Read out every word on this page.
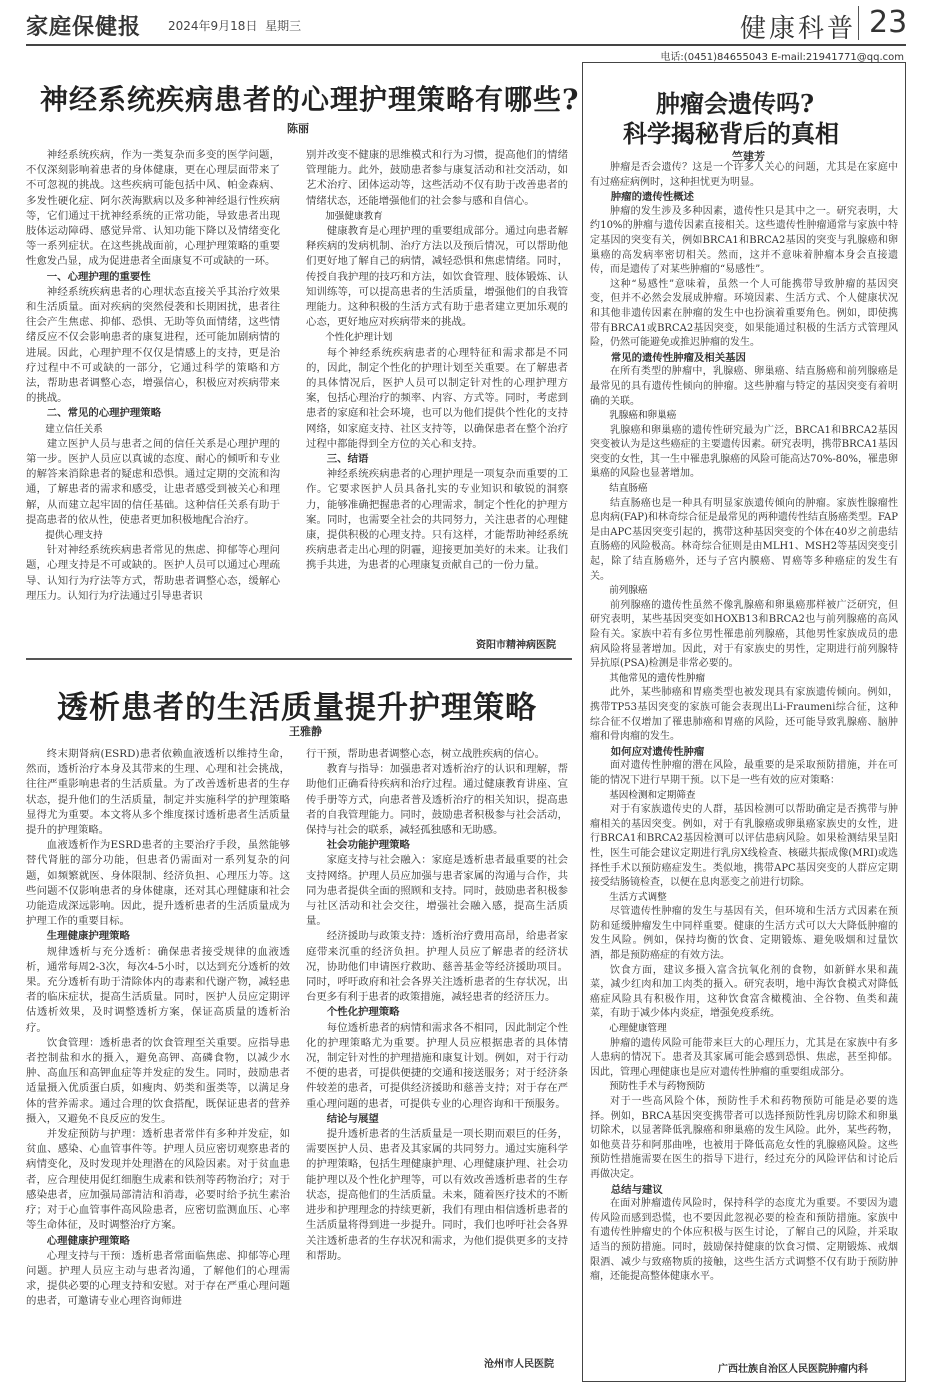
家庭保健报 2024年9月18日 星期三	健康科普 23
电话:(0451)84655043 E-mail:21941771@qq.com
神经系统疾病患者的心理护理策略有哪些?
陈丽

神经系统疾病，作为一类复杂而多变的医学问题，不仅深刻影响着患者的身体健康，更在心理层面带来了不可忽视的挑战。这些疾病可能包括中风、帕金森病、多发性硬化症、阿尔茨海默病以及多种神经退行性疾病等，它们通过干扰神经系统的正常功能，导致患者出现肢体运动障碍、感觉异常、认知功能下降以及情绪变化等一系列症状。在这些挑战面前，心理护理策略的重要性愈发凸显，成为促进患者全面康复不可或缺的一环。

一、心理护理的重要性

神经系统疾病患者的心理状态直接关乎其治疗效果和生活质量。面对疾病的突然侵袭和长期困扰，患者往往会产生焦虑、抑郁、恐惧、无助等负面情绪，这些情绪反应不仅会影响患者的康复进程，还可能加剧病情的进展。因此，心理护理不仅仅是情感上的支持，更是治疗过程中不可或缺的一部分，它通过科学的策略和方法，帮助患者调整心态，增强信心，积极应对疾病带来的挑战。

二、常见的心理护理策略
建立信任关系

建立医护人员与患者之间的信任关系是心理护理的第一步。医护人员应以真诚的态度、耐心的倾听和专业的解答来消除患者的疑虑和恐惧。通过定期的交流和沟通，了解患者的需求和感受，让患者感受到被关心和理解，从而建立起牢固的信任基础。这种信任关系有助于提高患者的依从性，使患者更加积极地配合治疗。

提供心理支持

针对神经系统疾病患者常见的焦虑、抑郁等心理问题，心理支持是不可或缺的。医护人员可以通过心理疏导、认知行为疗法等方式，帮助患者调整心态，缓解心理压力。认知行为疗法通过引导患者识

别并改变不健康的思维模式和行为习惯，提高他们的情绪管理能力。此外，鼓励患者参与康复活动和社交活动，如艺术治疗、团体运动等，这些活动不仅有助于改善患者的情绪状态，还能增强他们的社会参与感和自信心。

加强健康教育

健康教育是心理护理的重要组成部分。通过向患者解释疾病的发病机制、治疗方法以及预后情况，可以帮助他们更好地了解自己的病情，减轻恐惧和焦虑情绪。同时，传授自我护理的技巧和方法，如饮食管理、肢体锻炼、认知训练等，可以提高患者的生活质量，增强他们的自我管理能力。这种积极的生活方式有助于患者建立更加乐观的心态，更好地应对疾病带来的挑战。

个性化护理计划

每个神经系统疾病患者的心理特征和需求都是不同的，因此，制定个性化的护理计划至关重要。在了解患者的具体情况后，医护人员可以制定针对性的心理护理方案，包括心理治疗的频率、内容、方式等。同时，考虑到患者的家庭和社会环境，也可以为他们提供个性化的支持网络，如家庭支持、社区支持等，以确保患者在整个治疗过程中都能得到全方位的关心和支持。

三、结语

神经系统疾病患者的心理护理是一项复杂而重要的工作。它要求医护人员具备扎实的专业知识和敏锐的洞察力，能够准确把握患者的心理需求，制定个性化的护理方案。同时，也需要全社会的共同努力，关注患者的心理健康，提供积极的心理支持。只有这样，才能帮助神经系统疾病患者走出心理的阴霾，迎接更加美好的未来。让我们携手共进，为患者的心理康复贡献自己的一份力量。

资阳市精神病医院
透析患者的生活质量提升护理策略
王雅静

终末期肾病(ESRD)患者依赖血液透析以维持生命，然而，透析治疗本身及其带来的生理、心理和社会挑战，往往严重影响患者的生活质量。为了改善透析患者的生存状态，提升他们的生活质量，制定并实施科学的护理策略显得尤为重要。本文将从多个维度探讨透析患者生活质量提升的护理策略。

血液透析作为ESRD患者的主要治疗手段，虽然能够替代肾脏的部分功能，但患者仍需面对一系列复杂的问题，如频繁就医、身体限制、经济负担、心理压力等。这些问题不仅影响患者的身体健康，还对其心理健康和社会功能造成深远影响。因此，提升透析患者的生活质量成为护理工作的重要目标。

生理健康护理策略

规律透析与充分透析：确保患者接受规律的血液透析，通常每周2-3次，每次4-5小时，以达到充分透析的效果。充分透析有助于清除体内的毒素和代谢产物，减轻患者的临床症状，提高生活质量。同时，医护人员应定期评估透析效果，及时调整透析方案，保证高质量的透析治疗。

饮食管理：透析患者的饮食管理至关重要。应指导患者控制盐和水的摄入，避免高钾、高磷食物，以减少水肿、高血压和高钾血症等并发症的发生。同时，鼓励患者适量摄入优质蛋白质，如瘦肉、奶类和蛋类等，以满足身体的营养需求。通过合理的饮食搭配，既保证患者的营养摄入，又避免不良反应的发生。

并发症预防与护理：透析患者常伴有多种并发症，如贫血、感染、心血管事件等。护理人员应密切观察患者的病情变化，及时发现并处理潜在的风险因素。对于贫血患者，应合理使用促红细胞生成素和铁剂等药物治疗；对于感染患者，应加强局部清洁和消毒，必要时给予抗生素治疗；对于心血管事件高风险患者，应密切监测血压、心率等生命体征，及时调整治疗方案。

心理健康护理策略

心理支持与干预：透析患者常面临焦虑、抑郁等心理问题。护理人员应主动与患者沟通，了解他们的心理需求，提供必要的心理支持和安慰。对于存在严重心理问题的患者，可邀请专业心理咨询师进

行干预，帮助患者调整心态，树立战胜疾病的信心。

教育与指导：加强患者对透析治疗的认识和理解，帮助他们正确看待疾病和治疗过程。通过健康教育讲座、宣传手册等方式，向患者普及透析治疗的相关知识，提高患者的自我管理能力。同时，鼓励患者积极参与社会活动，保持与社会的联系，减轻孤独感和无助感。

社会功能护理策略

家庭支持与社会融入：家庭是透析患者最重要的社会支持网络。护理人员应加强与患者家属的沟通与合作，共同为患者提供全面的照顾和支持。同时，鼓励患者积极参与社区活动和社会交往，增强社会融入感，提高生活质量。

经济援助与政策支持：透析治疗费用高昂，给患者家庭带来沉重的经济负担。护理人员应了解患者的经济状况，协助他们申请医疗救助、慈善基金等经济援助项目。同时，呼吁政府和社会各界关注透析患者的生存状况，出台更多有利于患者的政策措施，减轻患者的经济压力。

个性化护理策略

每位透析患者的病情和需求各不相同，因此制定个性化的护理策略尤为重要。护理人员应根据患者的具体情况，制定针对性的护理措施和康复计划。例如，对于行动不便的患者，可提供便捷的交通和接送服务；对于经济条件较差的患者，可提供经济援助和慈善支持；对于存在严重心理问题的患者，可提供专业的心理咨询和干预服务。

结论与展望

提升透析患者的生活质量是一项长期而艰巨的任务，需要医护人员、患者及其家属的共同努力。通过实施科学的护理策略，包括生理健康护理、心理健康护理、社会功能护理以及个性化护理等，可以有效改善透析患者的生存状态，提高他们的生活质量。未来，随着医疗技术的不断进步和护理理念的持续更新，我们有理由相信透析患者的生活质量将得到进一步提升。同时，我们也呼吁社会各界关注透析患者的生存状况和需求，为他们提供更多的支持和帮助。

沧州市人民医院
肿瘤会遗传吗?
科学揭秘背后的真相
竺建芳

肿瘤是否会遗传？这是一个许多人关心的问题，尤其是在家庭中有过癌症病例时，这种担忧更为明显。

肿瘤的遗传性概述

肿瘤的发生涉及多种因素，遗传性只是其中之一。研究表明，大约10%的肿瘤与遗传因素直接相关。这些遗传性肿瘤通常与家族中特定基因的突变有关，例如BRCA1和BRCA2基因的突变与乳腺癌和卵巢癌的高发病率密切相关。然而，这并不意味着肿瘤本身会直接遗传，而是遗传了对某些肿瘤的“易感性”。

这种“易感性”意味着，虽然一个人可能携带导致肿瘤的基因突变，但并不必然会发展成肿瘤。环境因素、生活方式、个人健康状况和其他非遗传因素在肿瘤的发生中也扮演着重要角色。例如，即使携带有BRCA1或BRCA2基因突变，如果能通过积极的生活方式管理风险，仍然可能避免或推迟肿瘤的发生。

常见的遗传性肿瘤及相关基因

在所有类型的肿瘤中，乳腺癌、卵巢癌、结直肠癌和前列腺癌是最常见的具有遗传性倾向的肿瘤。这些肿瘤与特定的基因突变有着明确的关联。

乳腺癌和卵巢癌

乳腺癌和卵巢癌的遗传性研究最为广泛，BRCA1和BRCA2基因突变被认为是这些癌症的主要遗传因素。研究表明，携带BRCA1基因突变的女性，其一生中罹患乳腺癌的风险可能高达70%-80%，罹患卵巢癌的风险也显著增加。

结直肠癌

结直肠癌也是一种具有明显家族遗传倾向的肿瘤。家族性腺瘤性息肉病(FAP)和林奇综合征是最常见的两种遗传性结直肠癌类型。FAP是由APC基因突变引起的，携带这种基因突变的个体在40岁之前患结直肠癌的风险极高。林奇综合征则是由MLH1、MSH2等基因突变引起，除了结直肠癌外，还与子宫内膜癌、胃癌等多种癌症的发生有关。

前列腺癌

前列腺癌的遗传性虽然不像乳腺癌和卵巢癌那样被广泛研究，但研究表明，某些基因突变如HOXB13和BRCA2也与前列腺癌的高风险有关。家族中若有多位男性罹患前列腺癌，其他男性家族成员的患病风险将显著增加。因此，对于有家族史的男性，定期进行前列腺特异抗原(PSA)检测是非常必要的。

其他常见的遗传性肿瘤

此外，某些肺癌和胃癌类型也被发现具有家族遗传倾向。例如，携带TP53基因突变的家族可能会表现出Li-Fraumeni综合征，这种综合征不仅增加了罹患肺癌和胃癌的风险，还可能导致乳腺癌、脑肿瘤和骨肉瘤的发生。

如何应对遗传性肿瘤

面对遗传性肿瘤的潜在风险，最重要的是采取预防措施，并在可能的情况下进行早期干预。以下是一些有效的应对策略：

基因检测和定期筛查

对于有家族遗传史的人群，基因检测可以帮助确定是否携带与肿瘤相关的基因突变。例如，对于有乳腺癌或卵巢癌家族史的女性，进行BRCA1和BRCA2基因检测可以评估患病风险。如果检测结果呈阳性，医生可能会建议定期进行乳房X线检查、核磁共振成像(MRI)或选择性手术以预防癌症发生。类似地，携带APC基因突变的人群应定期接受结肠镜检查，以便在息肉恶变之前进行切除。

生活方式调整

尽管遗传性肿瘤的发生与基因有关，但环境和生活方式因素在预防和延缓肿瘤发生中同样重要。健康的生活方式可以大大降低肿瘤的发生风险。例如，保持均衡的饮食、定期锻炼、避免吸烟和过量饮酒，都是预防癌症的有效方法。

饮食方面，建议多摄入富含抗氧化剂的食物，如新鲜水果和蔬菜，减少红肉和加工肉类的摄入。研究表明，地中海饮食模式对降低癌症风险具有积极作用，这种饮食富含橄榄油、全谷物、鱼类和蔬菜，有助于减少体内炎症，增强免疫系统。

心理健康管理

肿瘤的遗传风险可能带来巨大的心理压力，尤其是在家族中有多人患病的情况下。患者及其家属可能会感到恐惧、焦虑，甚至抑郁。因此，管理心理健康也是应对遗传性肿瘤的重要组成部分。

预防性手术与药物预防

对于一些高风险个体，预防性手术和药物预防可能是必要的选择。例如，BRCA基因突变携带者可以选择预防性乳房切除术和卵巢切除术，以显著降低乳腺癌和卵巢癌的发生风险。此外，某些药物，如他莫昔芬和阿那曲唑，也被用于降低高危女性的乳腺癌风险。这些预防性措施需要在医生的指导下进行，经过充分的风险评估和讨论后再做决定。

总结与建议

在面对肿瘤遗传风险时，保持科学的态度尤为重要。不要因为遗传风险而感到恐慌，也不要因此忽视必要的检查和预防措施。家族中有遗传性肿瘤史的个体应积极与医生讨论，了解自己的风险，并采取适当的预防措施。同时，鼓励保持健康的饮食习惯、定期锻炼、戒烟限酒、减少与致癌物质的接触，这些生活方式调整不仅有助于预防肿瘤，还能提高整体健康水平。

广西壮族自治区人民医院肿瘤内科
